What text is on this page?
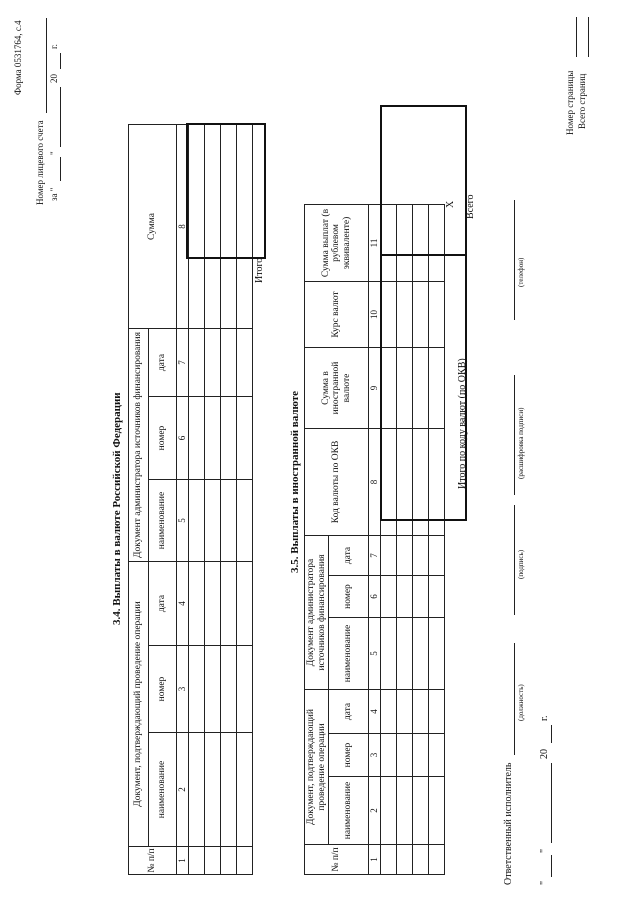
Форма 0531764, с.4
Номер лицевого счета за "
"
20
г.
3.4. Выплаты в валюте Российской Федерации
№ п/п	Документ, подтверждающий проведение операции			Документ администратора источников финансирования			Сумма
	наименование	номер	дата	наименование	номер	дата	

1	2	3	4	5	6	7	8

Итого
3.5. Выплаты в иностранной валюте
№ п/п	Документ, подтверждающий проведение операции			Документ администратора источников финансирования			Код валюты по ОКВ	Сумма в иностранной валюте	Курс валют	Сумма выплат (в рублевом эквиваленте)	
	наименование	номер	дата	наименование	номер	дата					
1	2	3	4	5	6	7	8	9	10	11	

Итого по коду валют (по ОКВ)
X Всего
Ответственный исполнитель
(должность)
(подпись)
(расшифровка подписи)
(телефон)
"
"
20
г.
Номер страницы Всего страниц
